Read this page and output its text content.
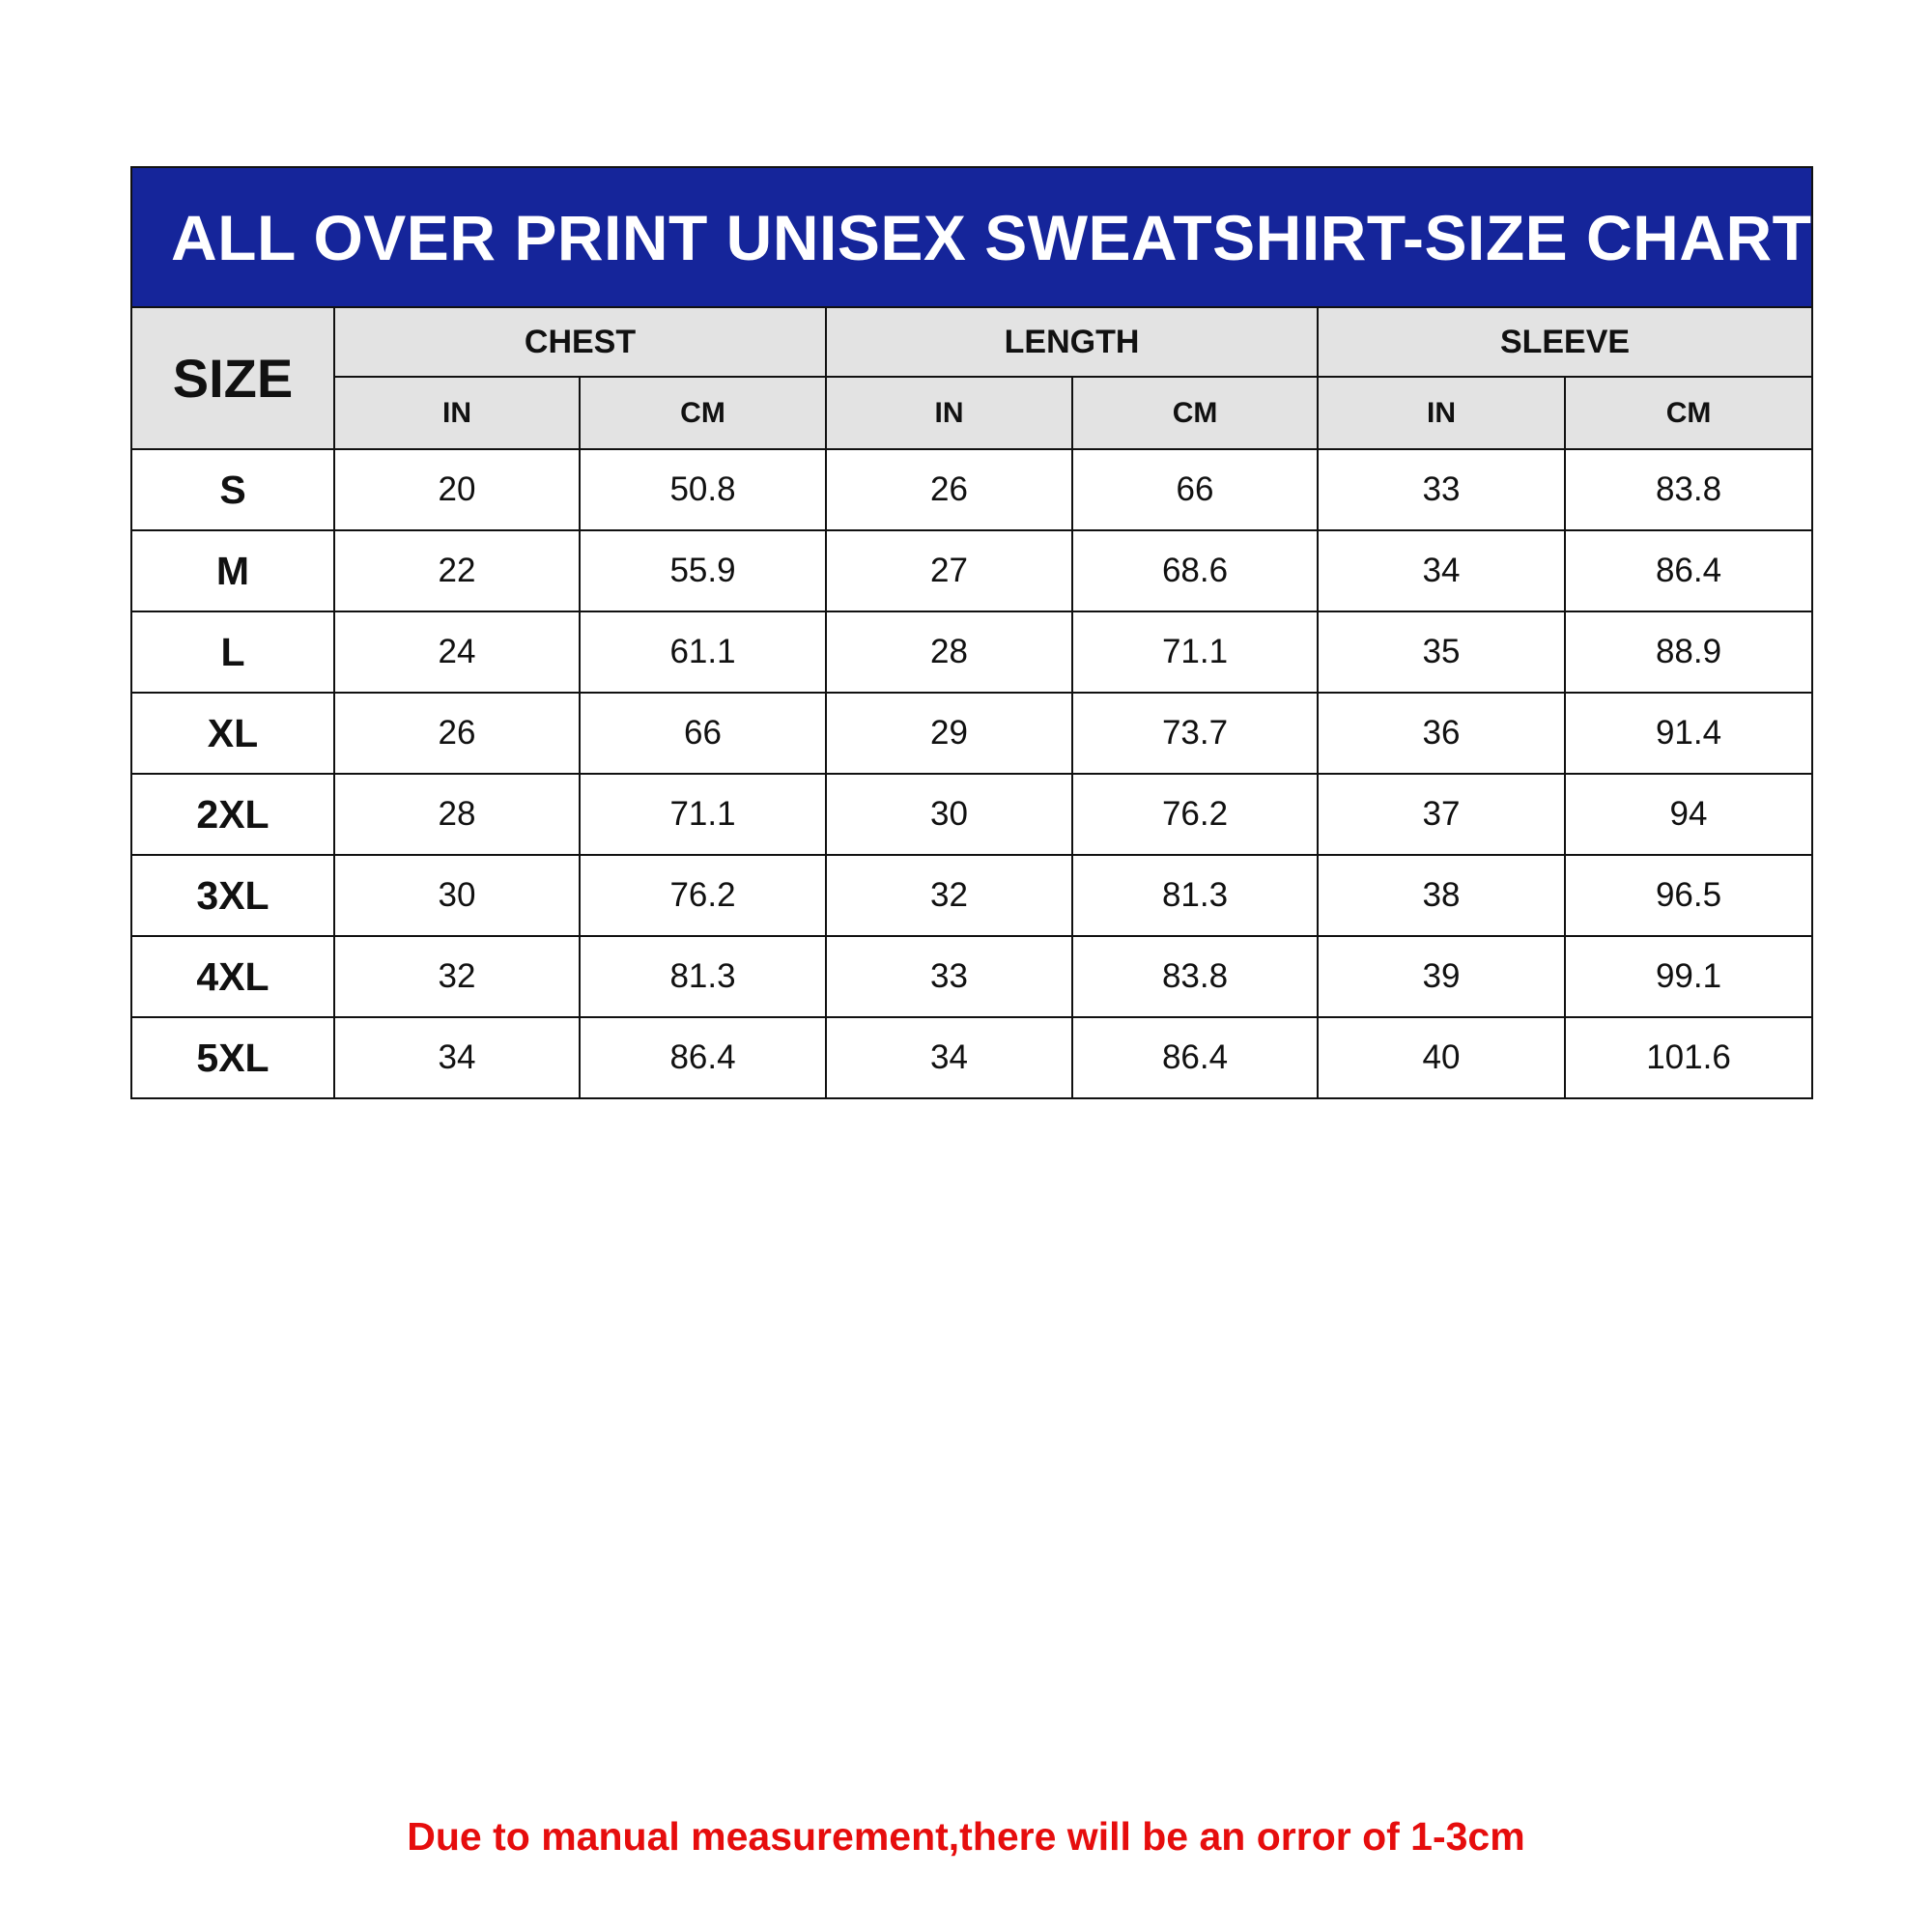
ALL OVER PRINT UNISEX SWEATSHIRT-SIZE CHART
SIZE	CHEST		LENGTH		SLEEVE	
	IN	CM	IN	CM	IN	CM
S	20	50.8	26	66	33	83.8
M	22	55.9	27	68.6	34	86.4
L	24	61.1	28	71.1	35	88.9
XL	26	66	29	73.7	36	91.4
2XL	28	71.1	30	76.2	37	94
3XL	30	76.2	32	81.3	38	96.5
4XL	32	81.3	33	83.8	39	99.1
5XL	34	86.4	34	86.4	40	101.6
Due to manual measurement,there will be an orror of 1-3cm
